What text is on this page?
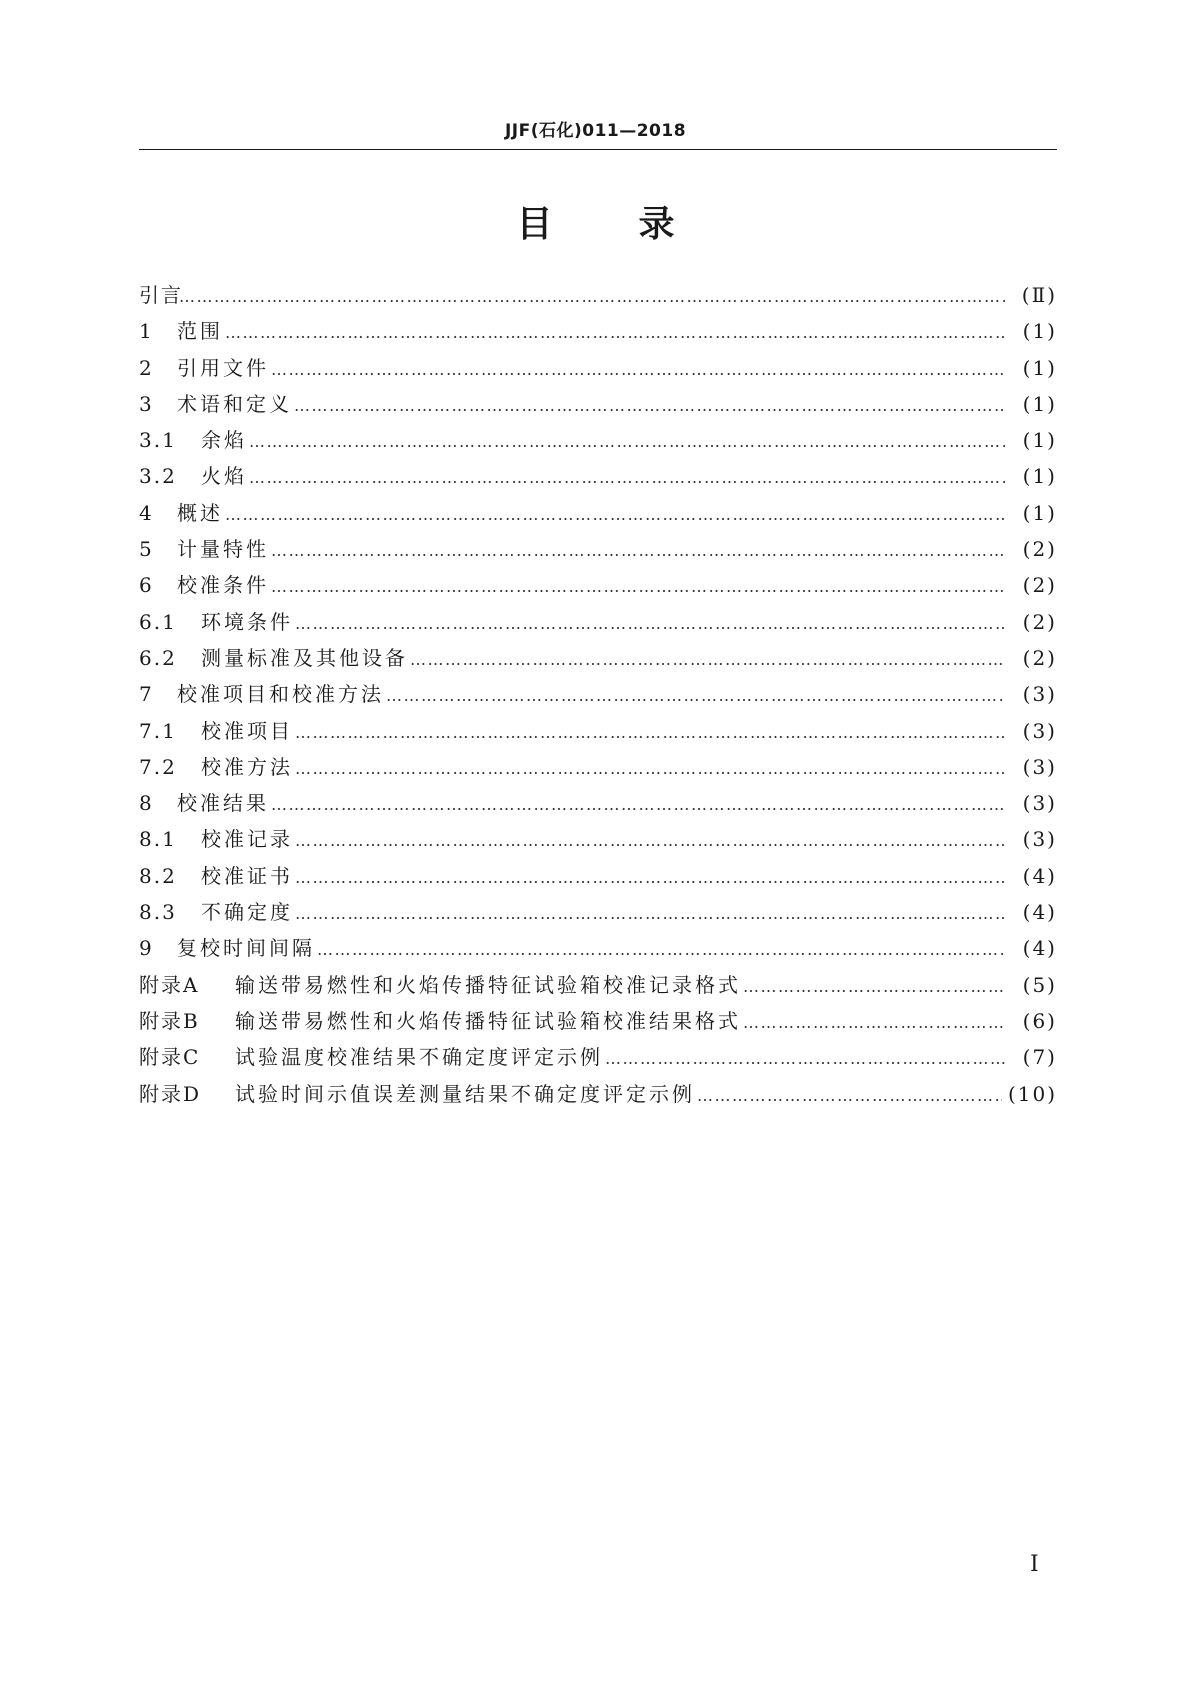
JJF(石化)011—2018
目 录
引言 ……………………………………………………………………………………………………………………………………………………………………………………………………	(Ⅱ)
1	范围 ……………………………………………………………………………………………………………………………………………………………………………………………………	(1)
2	引用文件 ……………………………………………………………………………………………………………………………………………………………………………………………………	(1)
3	术语和定义 ……………………………………………………………………………………………………………………………………………………………………………………………………	(1)
3.1	余焰 ……………………………………………………………………………………………………………………………………………………………………………………………………	(1)
3.2	火焰 ……………………………………………………………………………………………………………………………………………………………………………………………………	(1)
4	概述 ……………………………………………………………………………………………………………………………………………………………………………………………………	(1)
5	计量特性 ……………………………………………………………………………………………………………………………………………………………………………………………………	(2)
6	校准条件 ……………………………………………………………………………………………………………………………………………………………………………………………………	(2)
6.1	环境条件 ……………………………………………………………………………………………………………………………………………………………………………………………………	(2)
6.2	测量标准及其他设备 ……………………………………………………………………………………………………………………………………………………………………………………………………	(2)
7	校准项目和校准方法 ……………………………………………………………………………………………………………………………………………………………………………………………………	(3)
7.1	校准项目 ……………………………………………………………………………………………………………………………………………………………………………………………………	(3)
7.2	校准方法 ……………………………………………………………………………………………………………………………………………………………………………………………………	(3)
8	校准结果 ……………………………………………………………………………………………………………………………………………………………………………………………………	(3)
8.1	校准记录 ……………………………………………………………………………………………………………………………………………………………………………………………………	(3)
8.2	校准证书 ……………………………………………………………………………………………………………………………………………………………………………………………………	(4)
8.3	不确定度 ……………………………………………………………………………………………………………………………………………………………………………………………………	(4)
9	复校时间间隔 ……………………………………………………………………………………………………………………………………………………………………………………………………	(4)
附录A	输送带易燃性和火焰传播特征试验箱校准记录格式 ……………………………………………………………………………………………………………………………………………………………………………………………………	(5)
附录B	输送带易燃性和火焰传播特征试验箱校准结果格式 ……………………………………………………………………………………………………………………………………………………………………………………………………	(6)
附录C	试验温度校准结果不确定度评定示例 ……………………………………………………………………………………………………………………………………………………………………………………………………	(7)
附录D	试验时间示值误差测量结果不确定度评定示例 ……………………………………………………………………………………………………………………………………………………………………………………………………	(10)
Ⅰ
